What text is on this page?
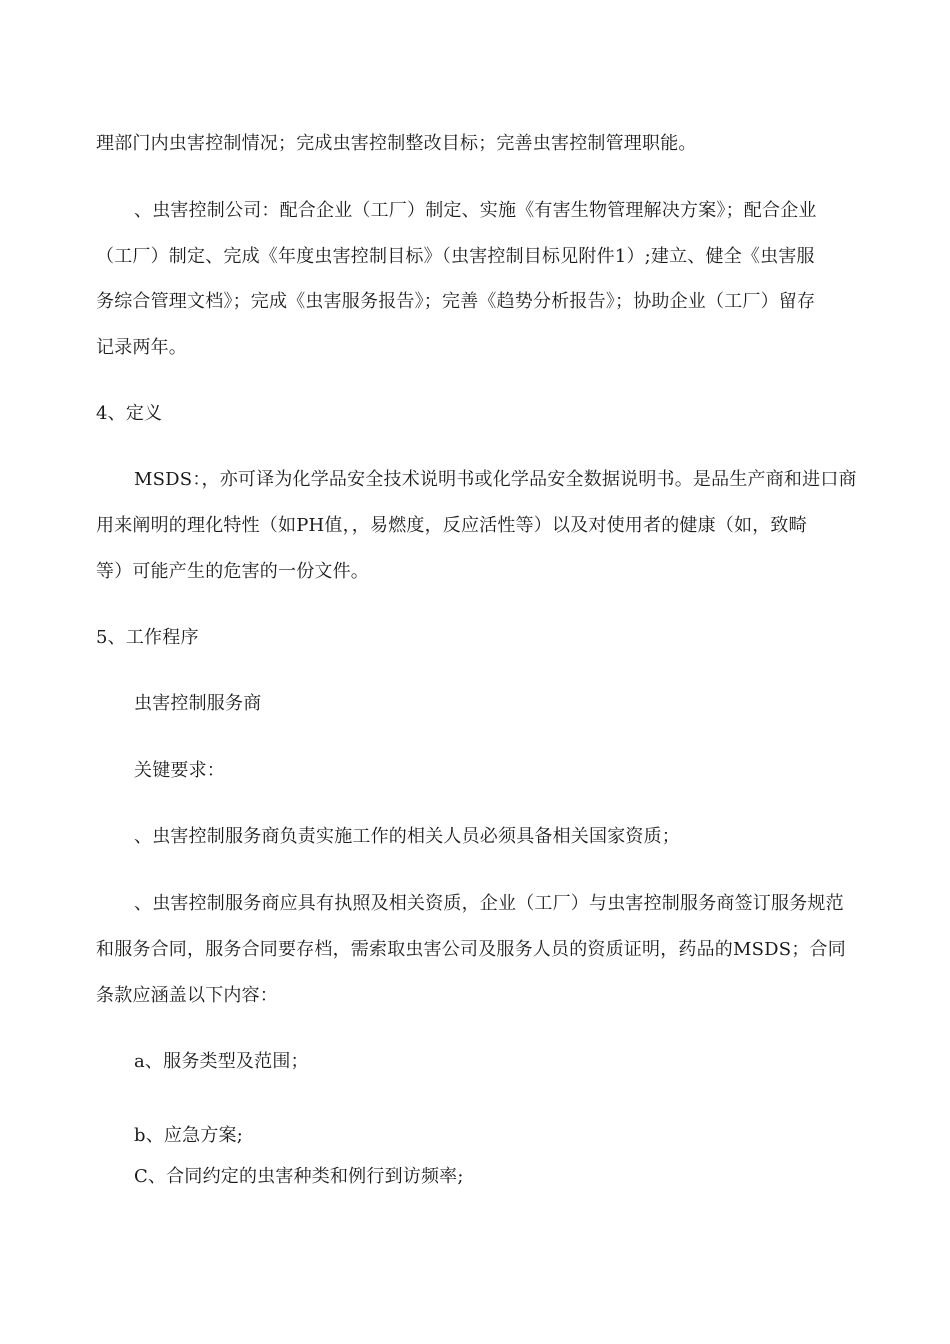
理部门内虫害控制情况；完成虫害控制整改目标；完善虫害控制管理职能。
、虫害控制公司：配合企业（工厂）制定、实施《有害生物管理解决方案》；配合企业
（工厂）制定、完成《年度虫害控制目标》（虫害控制目标见附件1）;建立、健全《虫害服
务综合管理文档》；完成《虫害服务报告》；完善《趋势分析报告》；协助企业（工厂）留存
记录两年。
4、定义
MSDS：，亦可译为化学品安全技术说明书或化学品安全数据说明书。是品生产商和进口商
用来阐明的理化特性（如PH值，，易燃度，反应活性等）以及对使用者的健康（如，致畸
等）可能产生的危害的一份文件。
5、工作程序
虫害控制服务商
关键要求：
、虫害控制服务商负责实施工作的相关人员必须具备相关国家资质；
、虫害控制服务商应具有执照及相关资质，企业（工厂）与虫害控制服务商签订服务规范
和服务合同，服务合同要存档，需索取虫害公司及服务人员的资质证明，药品的MSDS；合同
条款应涵盖以下内容：
a、服务类型及范围；
b、应急方案;
C、合同约定的虫害种类和例行到访频率;
